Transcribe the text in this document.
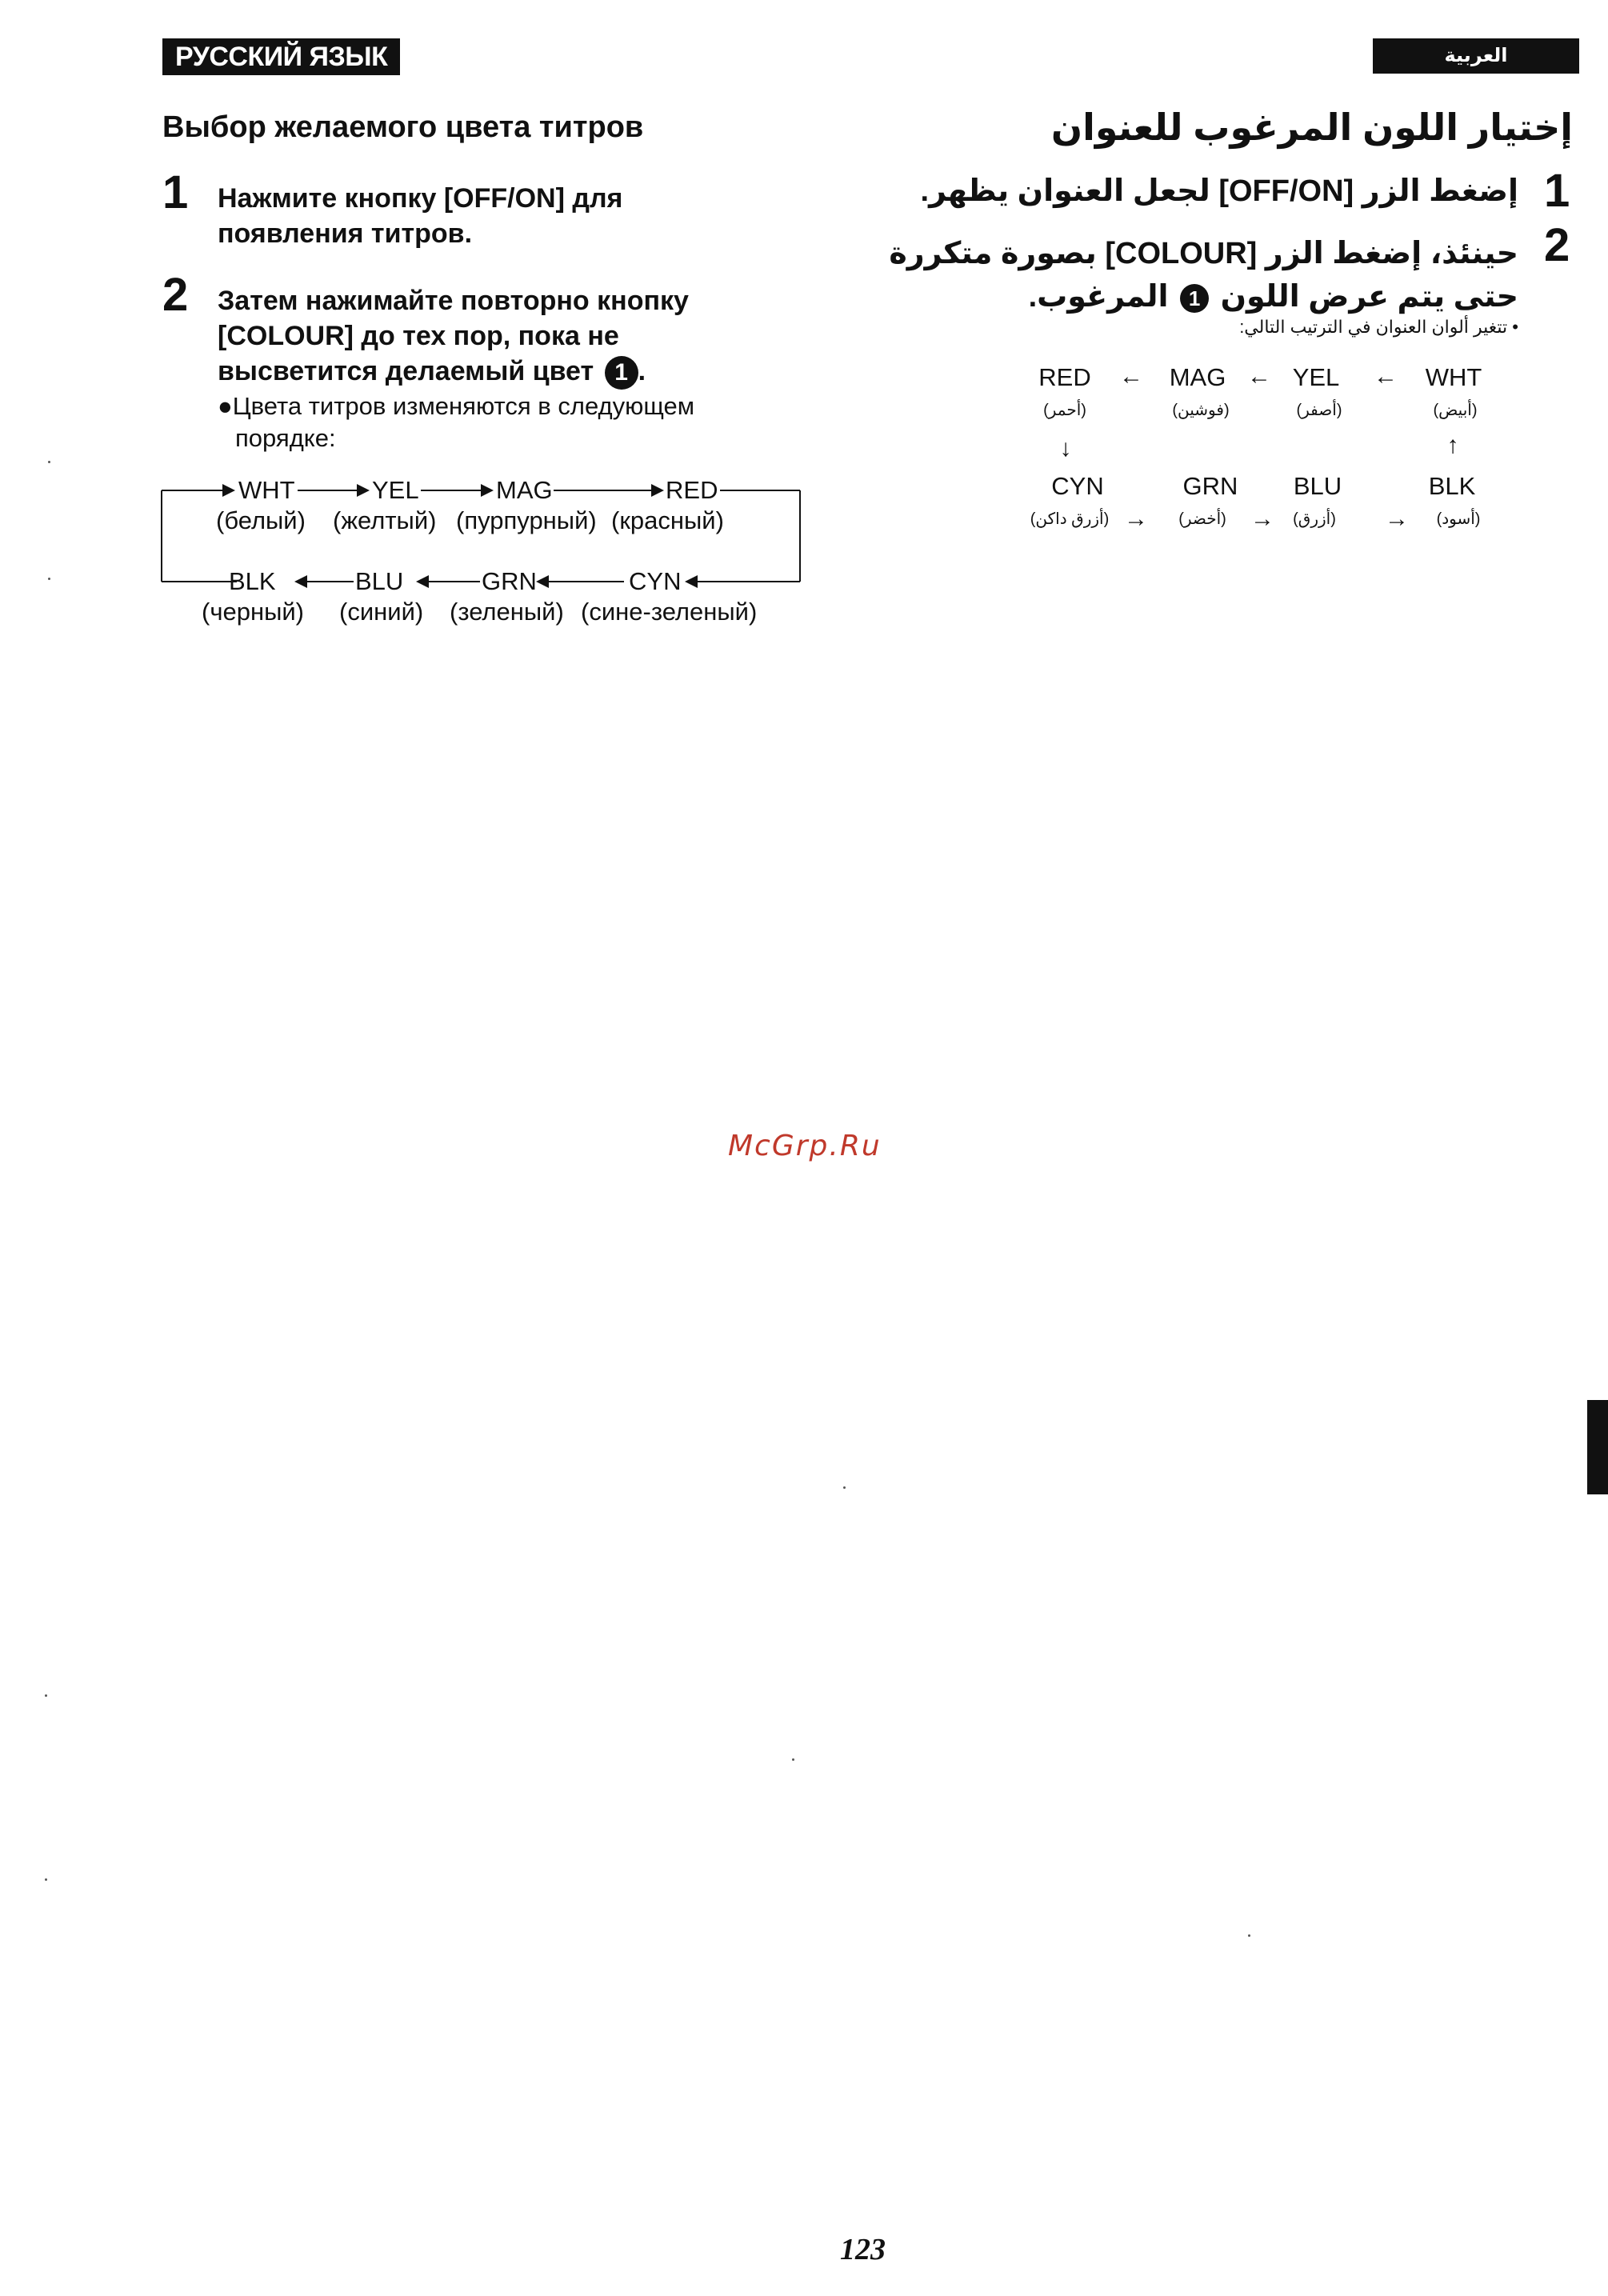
РУССКИЙ ЯЗЫК	العربية
Выбор желаемого цвета титров
1 Нажмите кнопку [OFF/ON] для
появления титров.
2 Затем нажимайте повторно кнопку
[COLOUR] до тех пор, пока не
высветится делаемый цвет 1 .
●Цвета титров изменяются в следующем
порядке:
WHT	YEL	MAG	RED
(белый) (желтый) (пурпурный) (красный)
BLK	BLU	GRN	CYN
(черный) (синий) (зеленый) (сине-зеленый)
إختيار اللون المرغوب للعنوان
1
إضغط الزر [OFF/ON] لجعل العنوان يظهر.
2
حينئذ، إضغط الزر [COLOUR] بصورة متكررة
حتى يتم عرض اللون 1 المرغوب.
• تتغير ألوان العنوان في الترتيب التالي:
RED	←	MAG ← YEL	←	WHT
(أحمر)	(فوشين)	(أصفر)	(أبيض)
↓	↑
CYN	GRN	BLU	BLK
(أزرق داكن) →	(أخضر)	→	(أزرق)	→	(أسود)
McGrp.Ru
123
